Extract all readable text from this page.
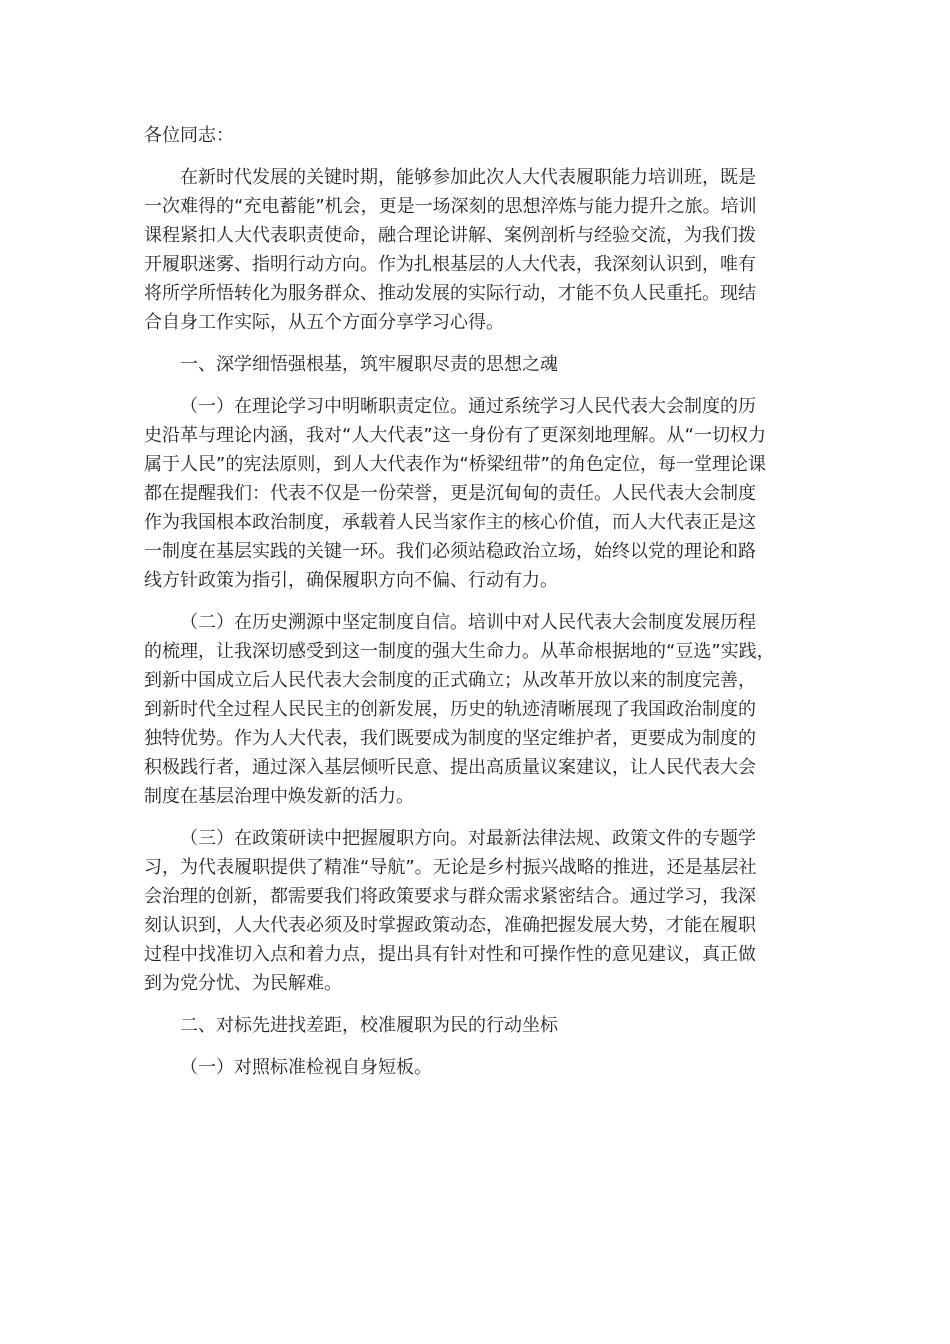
各位同志：
在新时代发展的关键时期，能够参加此次人大代表履职能力培训班，既是
一次难得的“充电蓄能”机会，更是一场深刻的思想淬炼与能力提升之旅。培训
课程紧扣人大代表职责使命，融合理论讲解、案例剖析与经验交流，为我们拨
开履职迷雾、指明行动方向。作为扎根基层的人大代表，我深刻认识到，唯有
将所学所悟转化为服务群众、推动发展的实际行动，才能不负人民重托。现结
合自身工作实际，从五个方面分享学习心得。
一、深学细悟强根基，筑牢履职尽责的思想之魂
（一）在理论学习中明晰职责定位。通过系统学习人民代表大会制度的历
史沿革与理论内涵，我对“人大代表”这一身份有了更深刻地理解。从“一切权力
属于人民”的宪法原则，到人大代表作为“桥梁纽带”的角色定位，每一堂理论课
都在提醒我们：代表不仅是一份荣誉，更是沉甸甸的责任。人民代表大会制度
作为我国根本政治制度，承载着人民当家作主的核心价值，而人大代表正是这
一制度在基层实践的关键一环。我们必须站稳政治立场，始终以党的理论和路
线方针政策为指引，确保履职方向不偏、行动有力。
（二）在历史溯源中坚定制度自信。培训中对人民代表大会制度发展历程
的梳理，让我深切感受到这一制度的强大生命力。从革命根据地的“豆选”实践，
到新中国成立后人民代表大会制度的正式确立；从改革开放以来的制度完善，
到新时代全过程人民民主的创新发展，历史的轨迹清晰展现了我国政治制度的
独特优势。作为人大代表，我们既要成为制度的坚定维护者，更要成为制度的
积极践行者，通过深入基层倾听民意、提出高质量议案建议，让人民代表大会
制度在基层治理中焕发新的活力。
（三）在政策研读中把握履职方向。对最新法律法规、政策文件的专题学
习，为代表履职提供了精准“导航”。无论是乡村振兴战略的推进，还是基层社
会治理的创新，都需要我们将政策要求与群众需求紧密结合。通过学习，我深
刻认识到，人大代表必须及时掌握政策动态，准确把握发展大势，才能在履职
过程中找准切入点和着力点，提出具有针对性和可操作性的意见建议，真正做
到为党分忧、为民解难。
二、对标先进找差距，校准履职为民的行动坐标
（一）对照标准检视自身短板。
